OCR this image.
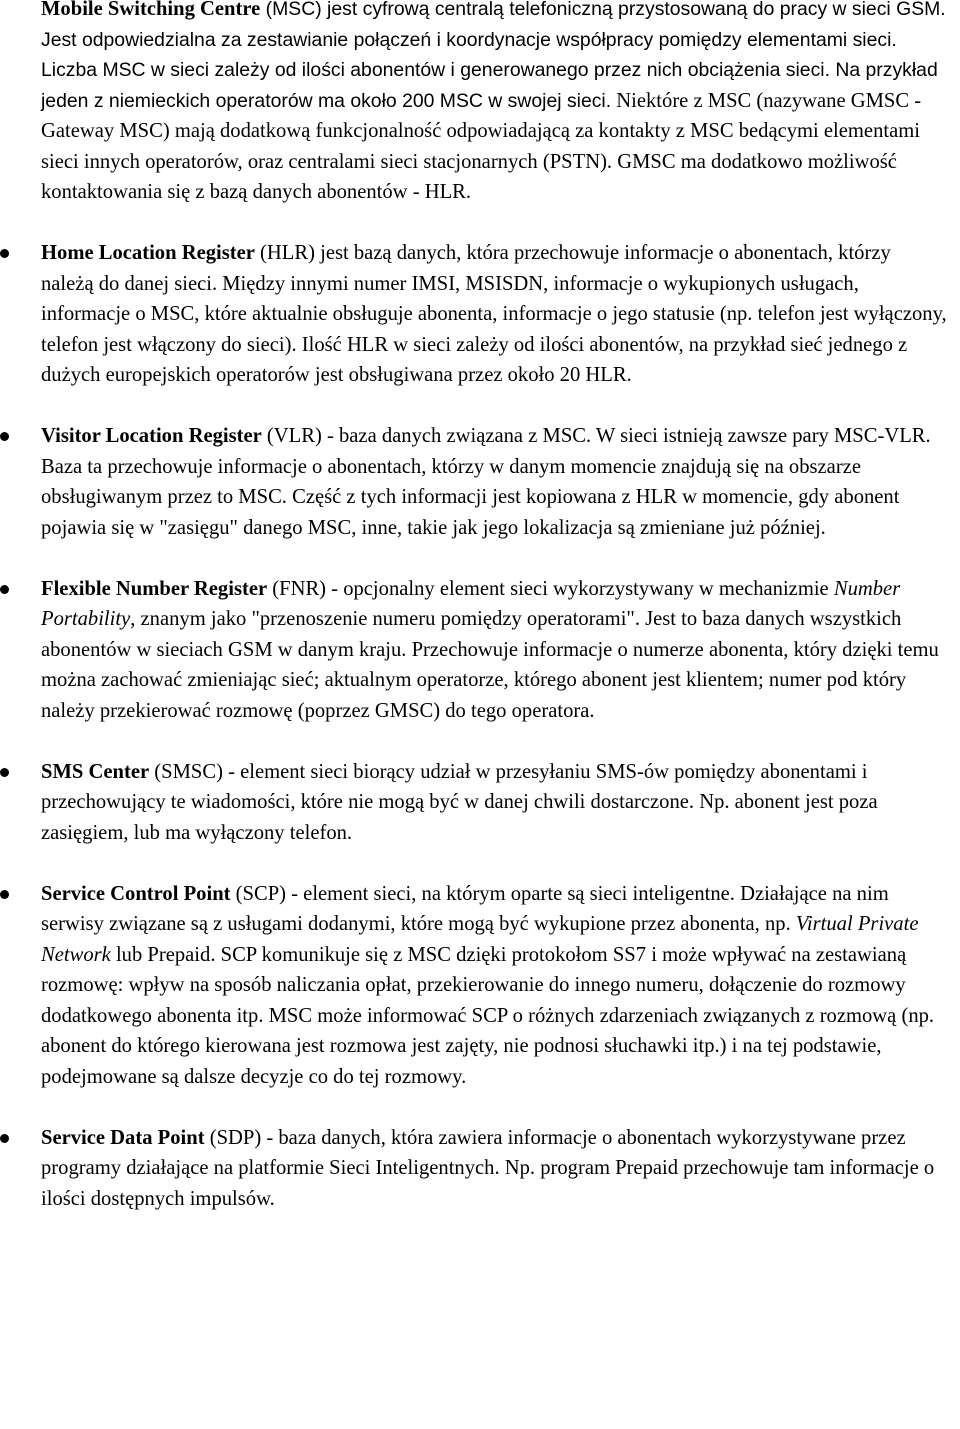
Mobile Switching Centre (MSC) jest cyfrową centralą telefoniczną przystosowaną do pracy w sieci GSM. Jest odpowiedzialna za zestawianie połączeń i koordynacje współpracy pomiędzy elementami sieci. Liczba MSC w sieci zależy od ilości abonentów i generowanego przez nich obciążenia sieci. Na przykład jeden z niemieckich operatorów ma około 200 MSC w swojej sieci. Niektóre z MSC (nazywane GMSC - Gateway MSC) mają dodatkową funkcjonalność odpowiadającą za kontakty z MSC bedącymi elementami sieci innych operatorów, oraz centralami sieci stacjonarnych (PSTN). GMSC ma dodatkowo możliwość kontaktowania się z bazą danych abonentów - HLR.
Home Location Register (HLR) jest bazą danych, która przechowuje informacje o abonentach, którzy należą do danej sieci. Między innymi numer IMSI, MSISDN, informacje o wykupionych usługach, informacje o MSC, które aktualnie obsługuje abonenta, informacje o jego statusie (np. telefon jest wyłączony, telefon jest włączony do sieci). Ilość HLR w sieci zależy od ilości abonentów, na przykład sieć jednego z dużych europejskich operatorów jest obsługiwana przez około 20 HLR.
Visitor Location Register (VLR) - baza danych związana z MSC. W sieci istnieją zawsze pary MSC-VLR. Baza ta przechowuje informacje o abonentach, którzy w danym momencie znajdują się na obszarze obsługiwanym przez to MSC. Część z tych informacji jest kopiowana z HLR w momencie, gdy abonent pojawia się w "zasięgu" danego MSC, inne, takie jak jego lokalizacja są zmieniane już później.
Flexible Number Register (FNR) - opcjonalny element sieci wykorzystywany w mechanizmie Number Portability, znanym jako "przenoszenie numeru pomiędzy operatorami". Jest to baza danych wszystkich abonentów w sieciach GSM w danym kraju. Przechowuje informacje o numerze abonenta, który dzięki temu można zachować zmieniając sieć; aktualnym operatorze, którego abonent jest klientem; numer pod który należy przekierować rozmowę (poprzez GMSC) do tego operatora.
SMS Center (SMSC) - element sieci biorący udział w przesyłaniu SMS-ów pomiędzy abonentami i przechowujący te wiadomości, które nie mogą być w danej chwili dostarczone. Np. abonent jest poza zasięgiem, lub ma wyłączony telefon.
Service Control Point (SCP) - element sieci, na którym oparte są sieci inteligentne. Działające na nim serwisy związane są z usługami dodanymi, które mogą być wykupione przez abonenta, np. Virtual Private Network lub Prepaid. SCP komunikuje się z MSC dzięki protokołom SS7 i może wpływać na zestawianą rozmowę: wpływ na sposób naliczania opłat, przekierowanie do innego numeru, dołączenie do rozmowy dodatkowego abonenta itp. MSC może informować SCP o różnych zdarzeniach związanych z rozmową (np. abonent do którego kierowana jest rozmowa jest zajęty, nie podnosi słuchawki itp.) i na tej podstawie, podejmowane są dalsze decyzje co do tej rozmowy.
Service Data Point (SDP) - baza danych, która zawiera informacje o abonentach wykorzystywane przez programy działające na platformie Sieci Inteligentnych. Np. program Prepaid przechowuje tam informacje o ilości dostępnych impulsów.
